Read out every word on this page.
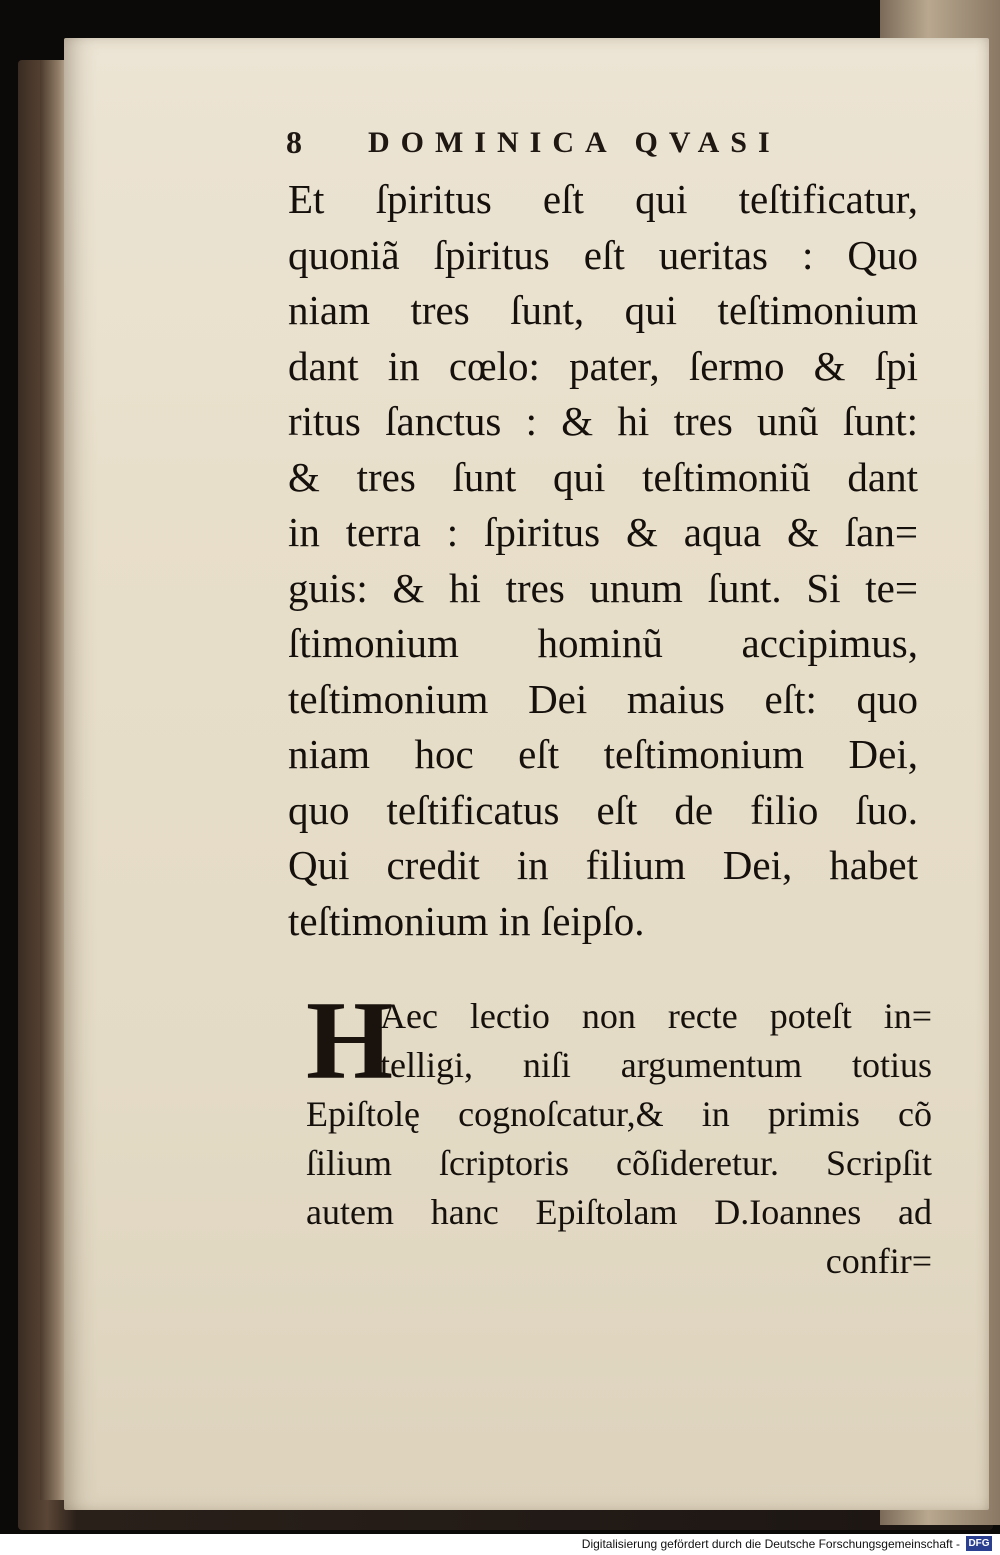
8 DOMINICA QVASI
Et ſpiritus eſt qui teſtificatur,
quoniã ſpiritus eſt ueritas : Quo
niam tres ſunt, qui teſtimonium
dant in cœlo: pater, ſermo & ſpi
ritus ſanctus : & hi tres unũ ſunt:
& tres ſunt qui teſtimoniũ dant
in terra : ſpiritus & aqua & ſan=
guis: & hi tres unum ſunt. Si te=
ſtimonium hominũ accipimus,
teſtimonium Dei maius eſt: quo
niam hoc eſt teſtimonium Dei,
quo teſtificatus eſt de filio ſuo.
Qui credit in filium Dei, habet
teſtimonium in ſeipſo.
H
Aec lectio non recte poteſt in=
telligi, niſi argumentum totius
Epiſtolę cognoſcatur,& in primis cõ
ſilium ſcriptoris cõſideretur. Scripſit
autem hanc Epiſtolam D.Ioannes ad
confir=
Digitalisierung gefördert durch die Deutsche Forschungsgemeinschaft - DFG
